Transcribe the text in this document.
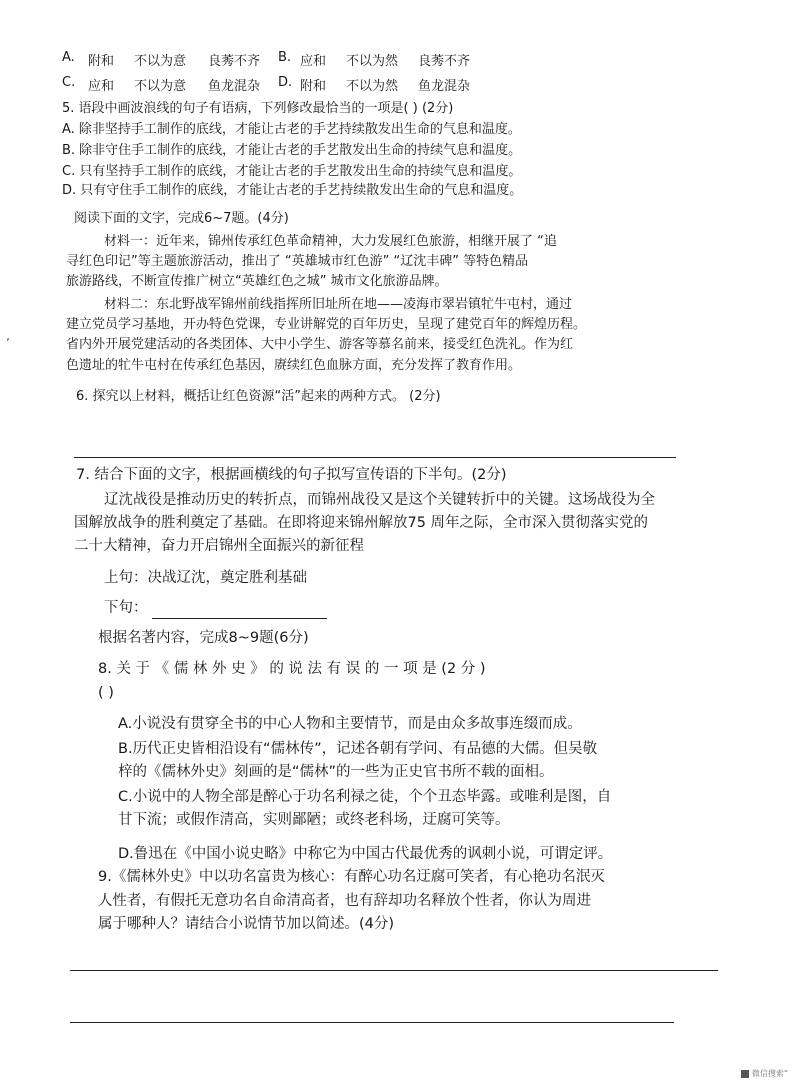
A. 附和 不以为意 良莠不齐 B. 应和 不以为然 良莠不齐
C. 应和 不以为意 鱼龙混杂 D. 附和 不以为然 鱼龙混杂
5. 语段中画波浪线的句子有语病，下列修改最恰当的一项是( ) (2分)
A. 除非坚持手工制作的底线，才能让古老的手艺持续散发出生命的气息和温度。
B. 除非守住手工制作的底线，才能让古老的手艺散发出生命的持续气息和温度。
C. 只有坚持手工制作的底线，才能让古老的手艺散发出生命的持续气息和温度。
D. 只有守住手工制作的底线，才能让古老的手艺持续散发出生命的气息和温度。
阅读下面的文字，完成6~7题。(4分)
材料一：近年来，锦州传承红色革命精神，大力发展红色旅游，相继开展了 “追
寻红色印记”等主题旅游活动，推出了 “英雄城市红色游” “辽沈丰碑” 等特色精品
旅游路线，不断宣传推广树立“英雄红色之城” 城市文化旅游品牌。
材料二：东北野战军锦州前线指挥所旧址所在地——凌海市翠岩镇牤牛屯村，通过
建立党员学习基地，开办特色党课，专业讲解党的百年历史，呈现了建党百年的辉煌历程。
省内外开展党建活动的各类团体、大中小学生、游客等慕名前来，接受红色洗礼。作为红
色遗址的牤牛屯村在传承红色基因，赓续红色血脉方面，充分发挥了教育作用。
ʼ
6. 探究以上材料，概括让红色资源“活”起来的两种方式。 (2分)
7. 结合下面的文字，根据画横线的句子拟写宣传语的下半句。(2分)
辽沈战役是推动历史的转折点，而锦州战役又是这个关键转折中的关键。这场战役为全
国解放战争的胜利奠定了基础。在即将迎来锦州解放75 周年之际，全市深入贯彻落实党的
二十大精神，奋力开启锦州全面振兴的新征程
上句：决战辽沈，奠定胜利基础
下句：
根据名著内容，完成8~9题(6分)
8. 关 于 《 儒 林 外 史 》 的 说 法 有 误 的 一 项 是 (2 分 )
( )
A.小说没有贯穿全书的中心人物和主要情节，而是由众多故事连缀而成。
B.历代正史皆相沿设有“儒林传”，记述各朝有学问、有品德的大儒。但吴敬
梓的《儒林外史》刻画的是“儒林”的一些为正史官书所不载的面相。
C.小说中的人物全部是醉心于功名利禄之徒，个个丑态毕露。或唯利是图，自
甘下流；或假作清高，实则鄙陋；或终老科场，迂腐可笑等。
D.鲁迅在《中国小说史略》中称它为中国古代最优秀的讽刺小说，可谓定评。
9.《儒林外史》中以功名富贵为核心：有醉心功名迂腐可笑者，有心艳功名泯灭
人性者，有假托无意功名自命清高者，也有辞却功名释放个性者，你认为周进
属于哪种人？请结合小说情节加以简述。(4分)
微信搜索“
